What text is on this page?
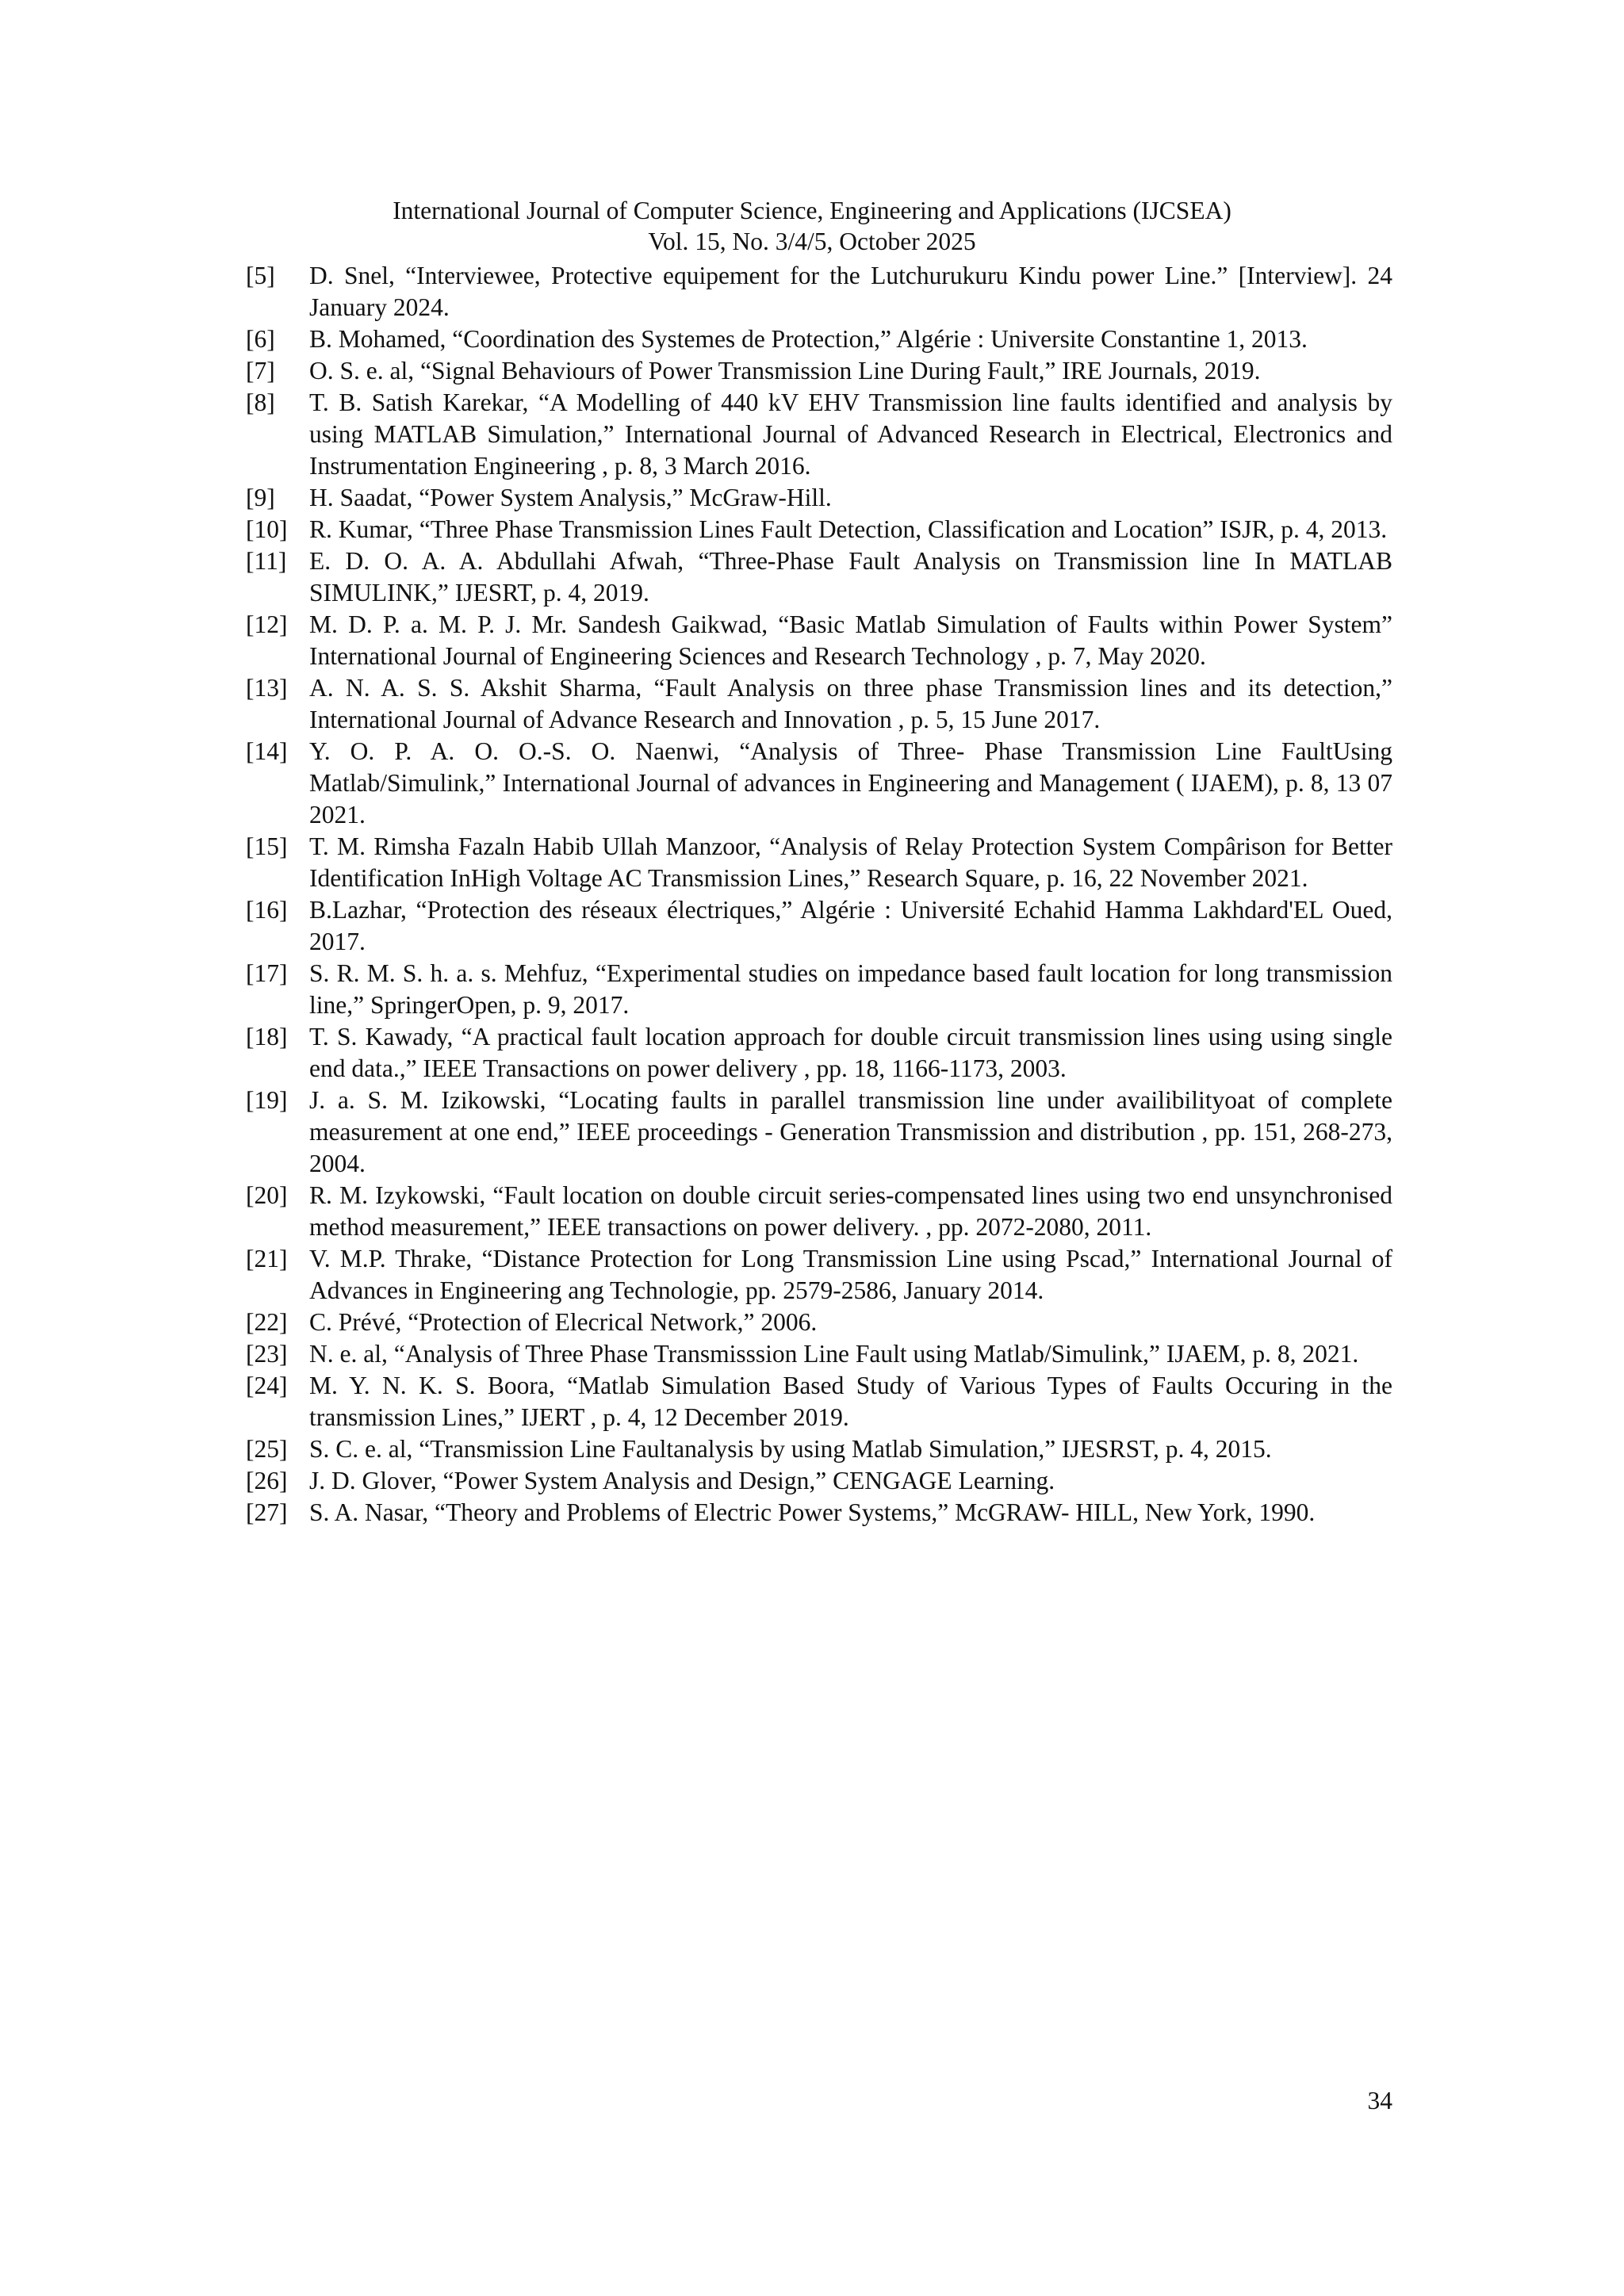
International Journal of Computer Science, Engineering and Applications (IJCSEA)
Vol. 15, No. 3/4/5, October 2025
[5]	D. Snel, “Interviewee, Protective equipement for the Lutchurukuru Kindu power Line.” [Interview]. 24 January 2024.
[6]	B. Mohamed, “Coordination des Systemes de Protection,” Algérie : Universite Constantine 1, 2013.
[7]	O. S. e. al, “Signal Behaviours of Power Transmission Line During Fault,” IRE Journals, 2019.
[8]	T. B. Satish Karekar, “A Modelling of 440 kV EHV Transmission line faults identified and analysis by using MATLAB Simulation,” International Journal of Advanced Research in Electrical, Electronics and Instrumentation Engineering , p. 8, 3 March 2016.
[9]	H. Saadat, “Power System Analysis,” McGraw-Hill.
[10] R. Kumar, “Three Phase Transmission Lines Fault Detection, Classification and Location” ISJR, p. 4, 2013.
[11] E. D. O. A. A. Abdullahi Afwah, “Three-Phase Fault Analysis on Transmission line In MATLAB SIMULINK,” IJESRT, p. 4, 2019.
[12] M. D. P. a. M. P. J. Mr. Sandesh Gaikwad, “Basic Matlab Simulation of Faults within Power System” International Journal of Engineering Sciences and Research Technology , p. 7, May 2020.
[13] A. N. A. S. S. Akshit Sharma, “Fault Analysis on three phase Transmission lines and its detection,” International Journal of Advance Research and Innovation , p. 5, 15 June 2017.
[14] Y. O. P. A. O. O.-S. O. Naenwi, “Analysis of Three- Phase Transmission Line FaultUsing Matlab/Simulink,” International Journal of advances in Engineering and Management ( IJAEM), p. 8, 13 07 2021.
[15] T. M. Rimsha Fazaln Habib Ullah Manzoor, “Analysis of Relay Protection System Compârison for Better Identification InHigh Voltage AC Transmission Lines,” Research Square, p. 16, 22 November 2021.
[16] B.Lazhar, “Protection des réseaux électriques,” Algérie : Université Echahid Hamma Lakhdard'EL Oued, 2017.
[17] S. R. M. S. h. a. s. Mehfuz, “Experimental studies on impedance based fault location for long transmission line,” SpringerOpen, p. 9, 2017.
[18] T. S. Kawady, “A practical fault location approach for double circuit transmission lines using using single end data.,” IEEE Transactions on power delivery , pp. 18, 1166-1173, 2003.
[19] J. a. S. M. Izikowski, “Locating faults in parallel transmission line under availibilityoat of complete measurement at one end,” IEEE proceedings - Generation Transmission and distribution , pp. 151, 268-273, 2004.
[20] R. M. Izykowski, “Fault location on double circuit series-compensated lines using two end unsynchronised method measurement,” IEEE transactions on power delivery. , pp. 2072-2080, 2011.
[21] V. M.P. Thrake, “Distance Protection for Long Transmission Line using Pscad,” International Journal of Advances in Engineering ang Technologie, pp. 2579-2586, January 2014.
[22] C. Prévé, “Protection of Elecrical Network,” 2006.
[23] N. e. al, “Analysis of Three Phase Transmisssion Line Fault using Matlab/Simulink,” IJAEM, p. 8, 2021.
[24] M. Y. N. K. S. Boora, “Matlab Simulation Based Study of Various Types of Faults Occuring in the transmission Lines,” IJERT , p. 4, 12 December 2019.
[25] S. C. e. al, “Transmission Line Faultanalysis by using Matlab Simulation,” IJESRST, p. 4, 2015.
[26] J. D. Glover, “Power System Analysis and Design,” CENGAGE Learning.
[27] S. A. Nasar, “Theory and Problems of Electric Power Systems,” McGRAW- HILL, New York, 1990.
34
